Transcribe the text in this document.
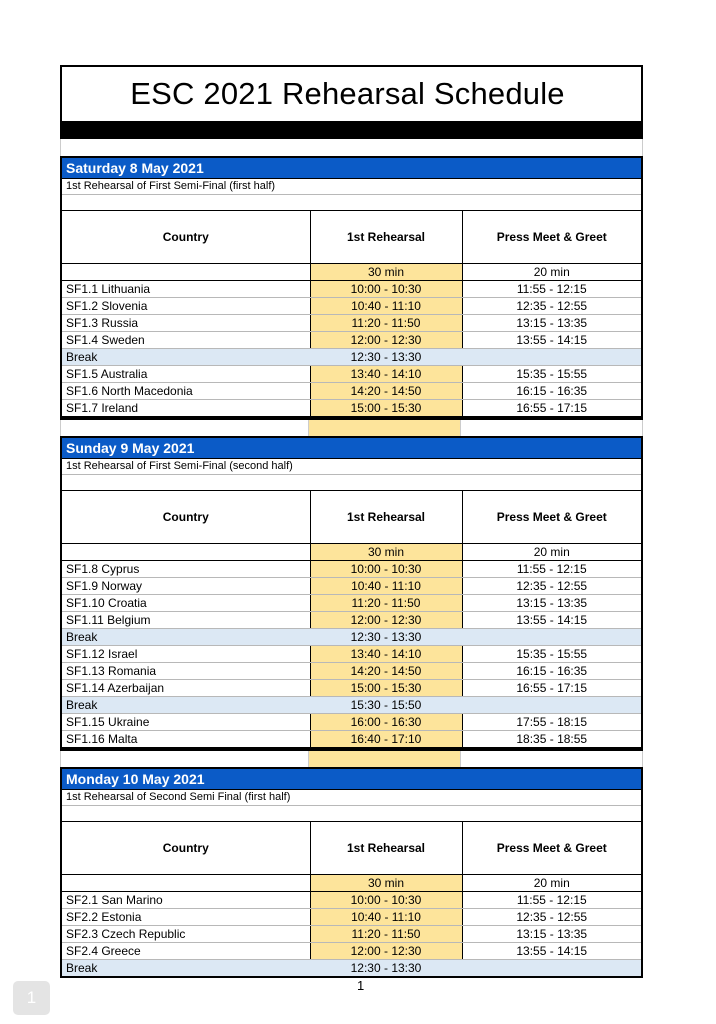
ESC 2021 Rehearsal Schedule
Saturday 8 May 2021
1st Rehearsal of First Semi-Final (first half)
Country	1st Rehearsal	Press Meet & Greet
	30 min	20 min
SF1.1 Lithuania	10:00 - 10:30	11:55 - 12:15
SF1.2 Slovenia	10:40 - 11:10	12:35 - 12:55
SF1.3 Russia	11:20 - 11:50	13:15 - 13:35
SF1.4 Sweden	12:00 - 12:30	13:55 - 14:15
Break	12:30 - 13:30	
SF1.5 Australia	13:40 - 14:10	15:35 - 15:55
SF1.6 North Macedonia	14:20 - 14:50	16:15 - 16:35
SF1.7 Ireland	15:00 - 15:30	16:55 - 17:15
Sunday 9 May 2021
1st Rehearsal of First Semi-Final (second half)
Country	1st Rehearsal	Press Meet & Greet
	30 min	20 min
SF1.8 Cyprus	10:00 - 10:30	11:55 - 12:15
SF1.9 Norway	10:40 - 11:10	12:35 - 12:55
SF1.10 Croatia	11:20 - 11:50	13:15 - 13:35
SF1.11 Belgium	12:00 - 12:30	13:55 - 14:15
Break	12:30 - 13:30	
SF1.12 Israel	13:40 - 14:10	15:35 - 15:55
SF1.13 Romania	14:20 - 14:50	16:15 - 16:35
SF1.14 Azerbaijan	15:00 - 15:30	16:55 - 17:15
Break	15:30 - 15:50	
SF1.15 Ukraine	16:00 - 16:30	17:55 - 18:15
SF1.16 Malta	16:40 - 17:10	18:35 - 18:55
Monday 10 May 2021
1st Rehearsal of Second Semi Final (first half)
Country	1st Rehearsal	Press Meet & Greet
	30 min	20 min
SF2.1 San Marino	10:00 - 10:30	11:55 - 12:15
SF2.2 Estonia	10:40 - 11:10	12:35 - 12:55
SF2.3 Czech Republic	11:20 - 11:50	13:15 - 13:35
SF2.4 Greece	12:00 - 12:30	13:55 - 14:15
Break	12:30 - 13:30	
1
1
